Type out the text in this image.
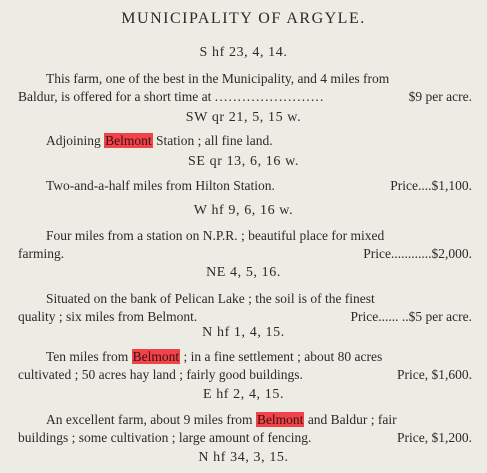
MUNICIPALITY OF ARGYLE.
S hf 23, 4, 14.
This farm, one of the best in the Municipality, and 4 miles from
Baldur, is offered for a short time at ........................	$9 per acre.
SW qr 21, 5, 15 w.
Adjoining Belmont Station ; all fine land.
SE qr 13, 6, 16 w.
Two-and-a-half miles from Hilton Station.	Price....$1,100.
W hf 9, 6, 16 w.
Four miles from a station on N.P.R. ; beautiful place for mixed
farming.	Price............$2,000.
NE 4, 5, 16.
Situated on the bank of Pelican Lake ; the soil is of the finest
quality ; six miles from Belmont.	Price...... ..$5 per acre.
N hf 1, 4, 15.
Ten miles from Belmont ; in a fine settlement ; about 80 acres
cultivated ; 50 acres hay land ; fairly good buildings.	Price, $1,600.
E hf 2, 4, 15.
An excellent farm, about 9 miles from Belmont and Baldur ; fair
buildings ; some cultivation ; large amount of fencing.	Price, $1,200.
N hf 34, 3, 15.
